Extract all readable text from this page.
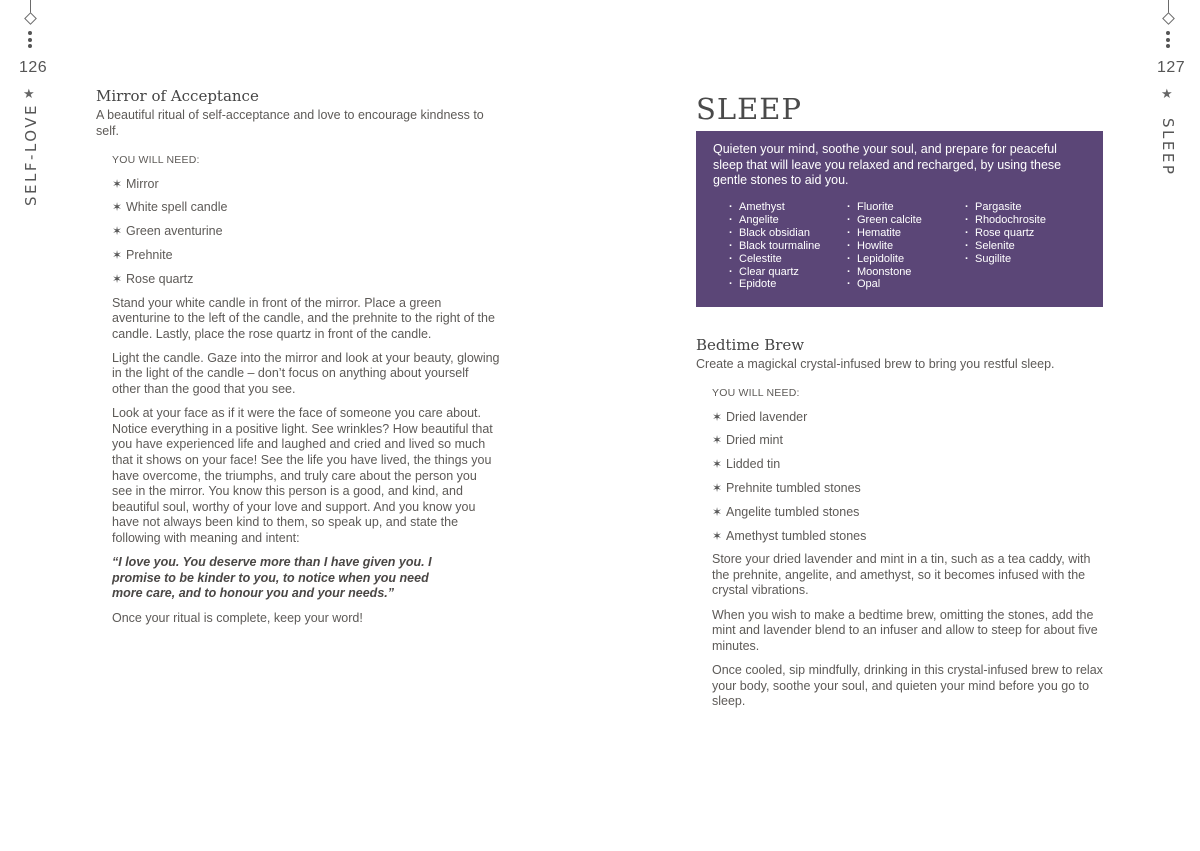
126
★
SELF-LOVE
Mirror of Acceptance

A beautiful ritual of self-acceptance and love to encourage kindness to self.

YOU WILL NEED:
✶ Mirror
✶ White spell candle
✶ Green aventurine
✶ Prehnite
✶ Rose quartz

Stand your white candle in front of the mirror. Place a green aventurine to the left of the candle, and the prehnite to the right of the candle. Lastly, place the rose quartz in front of the candle.

Light the candle. Gaze into the mirror and look at your beauty, glowing in the light of the candle – don’t focus on anything about yourself other than the good that you see.

Look at your face as if it were the face of someone you care about. Notice everything in a positive light. See wrinkles? How beautiful that you have experienced life and laughed and cried and lived so much that it shows on your face! See the life you have lived, the things you have overcome, the triumphs, and truly care about the person you see in the mirror. You know this person is a good, and kind, and beautiful soul, worthy of your love and support. And you know you have not always been kind to them, so speak up, and state the following with meaning and intent:

“I love you. You deserve more than I have given you. I promise to be kinder to you, to notice when you need more care, and to honour you and your needs.”

Once your ritual is complete, keep your word!

127
★
SLEEP
SLEEP
Quieten your mind, soothe your soul, and prepare for peaceful sleep that will leave you relaxed and recharged, by using these gentle stones to aid you.
· Amethyst
· Angelite
· Black obsidian
· Black tourmaline
· Celestite
· Clear quartz
· Epidote
· Fluorite
· Green calcite
· Hematite
· Howlite
· Lepidolite
· Moonstone
· Opal
· Pargasite
· Rhodochrosite
· Rose quartz
· Selenite
· Sugilite
Bedtime Brew

Create a magickal crystal-infused brew to bring you restful sleep.

YOU WILL NEED:
✶ Dried lavender
✶ Dried mint
✶ Lidded tin
✶ Prehnite tumbled stones
✶ Angelite tumbled stones
✶ Amethyst tumbled stones

Store your dried lavender and mint in a tin, such as a tea caddy, with the prehnite, angelite, and amethyst, so it becomes infused with the crystal vibrations.

When you wish to make a bedtime brew, omitting the stones, add the mint and lavender blend to an infuser and allow to steep for about five minutes.

Once cooled, sip mindfully, drinking in this crystal-infused brew to relax your body, soothe your soul, and quieten your mind before you go to sleep.
